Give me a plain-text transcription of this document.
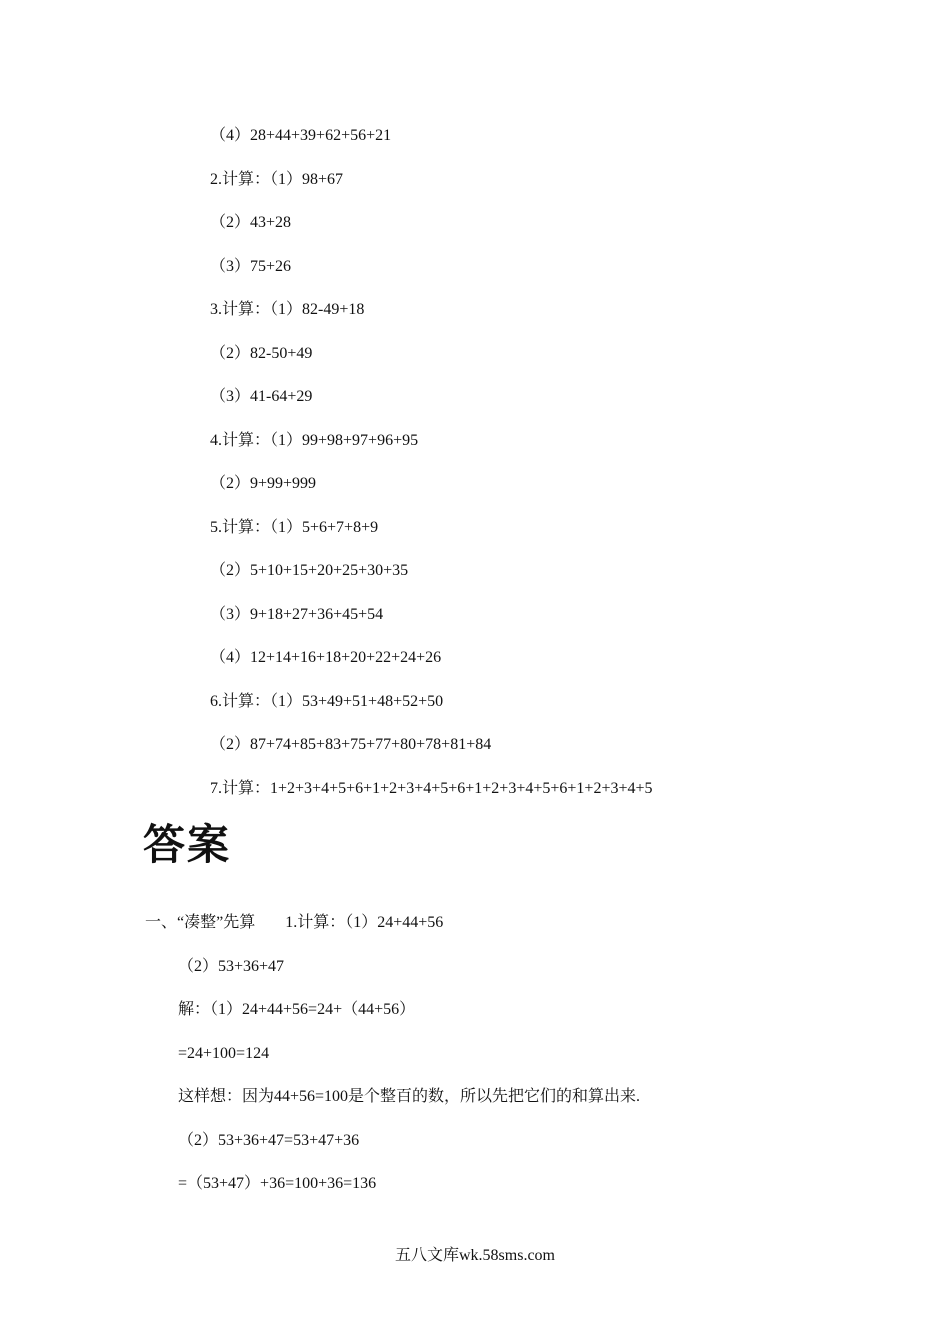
（4）28+44+39+62+56+21
2.计算：（1）98+67
（2）43+28
（3）75+26
3.计算：（1）82-49+18
（2）82-50+49
（3）41-64+29
4.计算：（1）99+98+97+96+95
（2）9+99+999
5.计算：（1）5+6+7+8+9
（2）5+10+15+20+25+30+35
（3）9+18+27+36+45+54
（4）12+14+16+18+20+22+24+26
6.计算：（1）53+49+51+48+52+50
（2）87+74+85+83+75+77+80+78+81+84
7.计算：1+2+3+4+5+6+1+2+3+4+5+6+1+2+3+4+5+6+1+2+3+4+5
答案
一、“凑整”先算 1.计算：（1）24+44+56
（2）53+36+47
解：（1）24+44+56=24+（44+56）
=24+100=124
这样想：因为44+56=100是个整百的数，所以先把它们的和算出来.
（2）53+36+47=53+47+36
=（53+47）+36=100+36=136
五八文库wk.58sms.com
